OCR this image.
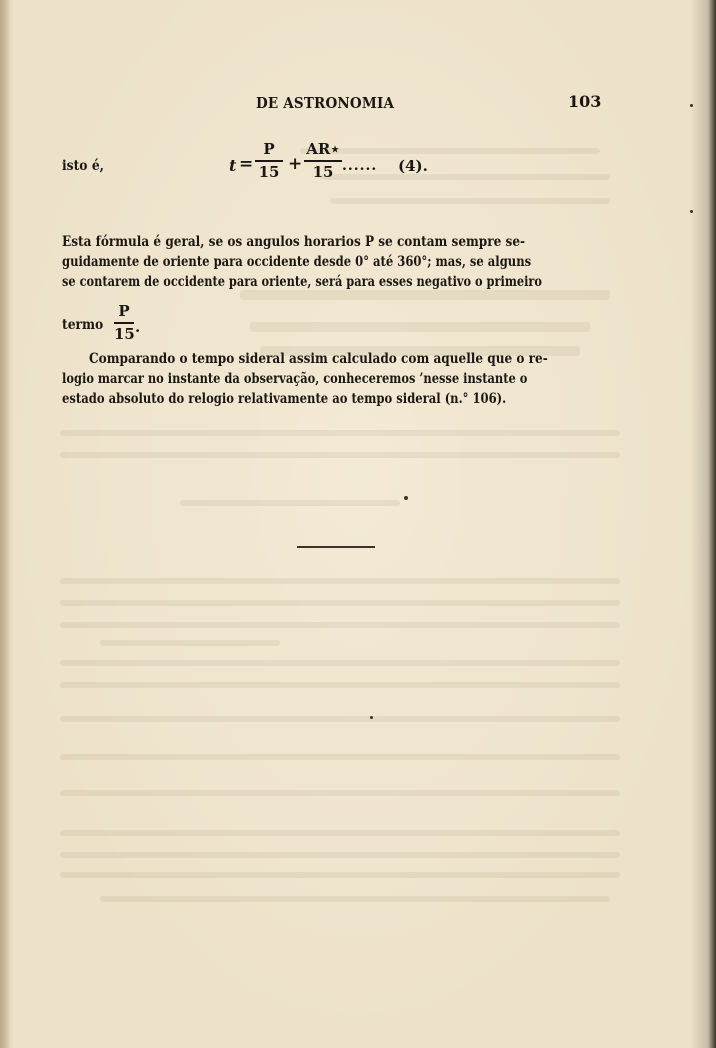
DE ASTRONOMIA	103
isto é,	t =
P
15 +
AR⋆
15 ...... (4).
Esta fórmula é geral, se os angulos horarios P se contam sempre se-
guidamente de oriente para occidente desde 0° até 360°; mas, se alguns
se contarem de occidente para oriente, será para esses negativo o primeiro
termo
P
15 .
Comparando o tempo sideral assim calculado com aquelle que o re-
logio marcar no instante da observação, conheceremos ’nesse instante o
estado absoluto do relogio relativamente ao tempo sideral (n.° 106).
